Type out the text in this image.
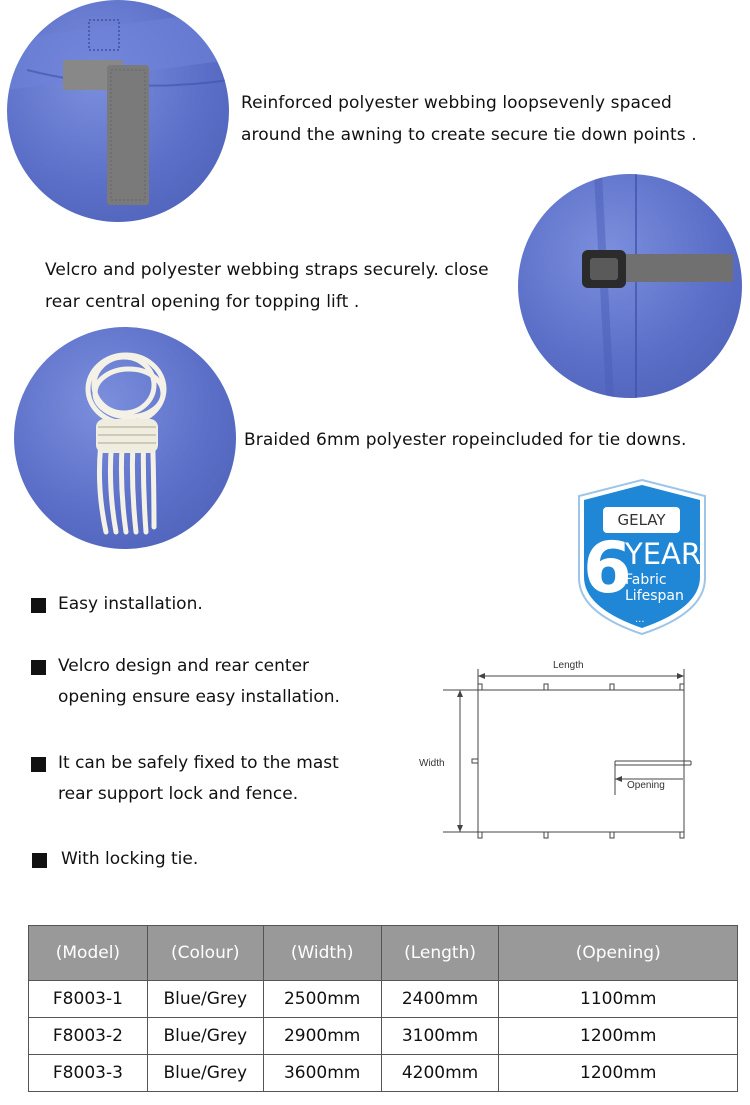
Reinforced polyester webbing loopsevenly spaced
around the awning to create secure tie down points .
Velcro and polyester webbing straps securely. close
rear central opening for topping lift .
Braided 6mm polyester ropeincluded for tie downs.
GELAY
6
YEAR
Fabric
Lifespan
...
Easy installation.
Velcro design and rear center
opening ensure easy installation.
It can be safely fixed to the mast
rear support lock and fence.
With locking tie.
Length
Width
Opening
(Model)	(Colour)	(Width)	(Length)	(Opening)
F8003-1	Blue/Grey	2500mm	2400mm	1100mm
F8003-2	Blue/Grey	2900mm	3100mm	1200mm
F8003-3	Blue/Grey	3600mm	4200mm	1200mm
